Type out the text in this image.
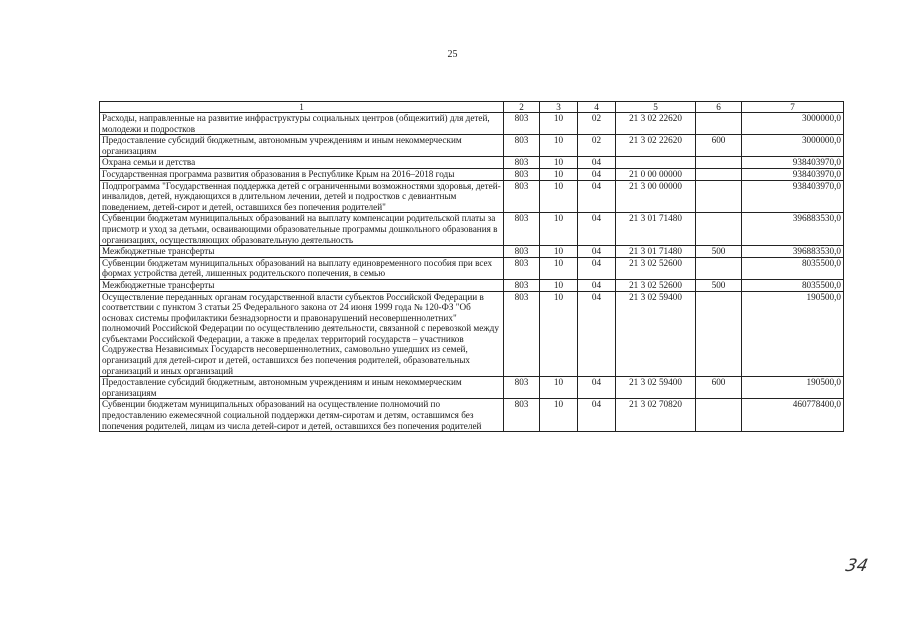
25
1	2	3	4	5	6	7
Расходы, направленные на развитие инфраструктуры социальных центров (общежитий) для детей, молодежи и подростков	803	10	02	21 3 02 22620		3000000,0
Предоставление субсидий бюджетным, автономным учреждениям и иным некоммерческим организациям	803	10	02	21 3 02 22620	600	3000000,0
Охрана семьи и детства	803	10	04			938403970,0
Государственная программа развития образования в Республике Крым на 2016–2018 годы	803	10	04	21 0 00 00000		938403970,0
Подпрограмма "Государственная поддержка детей с ограниченными возможностями здоровья, детей-инвалидов, детей, нуждающихся в длительном лечении, детей и подростков с девиантным поведением, детей-сирот и детей, оставшихся без попечения родителей"	803	10	04	21 3 00 00000		938403970,0
Субвенции бюджетам муниципальных образований на выплату компенсации родительской платы за присмотр и уход за детьми, осваивающими образовательные программы дошкольного образования в организациях, осуществляющих образовательную деятельность	803	10	04	21 3 01 71480		396883530,0
Межбюджетные трансферты	803	10	04	21 3 01 71480	500	396883530,0
Субвенции бюджетам муниципальных образований на выплату единовременного пособия при всех формах устройства детей, лишенных родительского попечения, в семью	803	10	04	21 3 02 52600		8035500,0
Межбюджетные трансферты	803	10	04	21 3 02 52600	500	8035500,0
Осуществление переданных органам государственной власти субъектов Российской Федерации в соответствии с пунктом 3 статьи 25 Федерального закона от 24 июня 1999 года № 120-ФЗ "Об основах системы профилактики безнадзорности и правонарушений несовершеннолетних" полномочий Российской Федерации по осуществлению деятельности, связанной с перевозкой между субъектами Российской Федерации, а также в пределах территорий государств – участников Содружества Независимых Государств несовершеннолетних, самовольно ушедших из семей, организаций для детей-сирот и детей, оставшихся без попечения родителей, образовательных организаций и иных организаций	803	10	04	21 3 02 59400		190500,0
Предоставление субсидий бюджетным, автономным учреждениям и иным некоммерческим организациям	803	10	04	21 3 02 59400	600	190500,0
Субвенции бюджетам муниципальных образований на осуществление полномочий по предоставлению ежемесячной социальной поддержки детям-сиротам и детям, оставшимся без попечения родителей, лицам из числа детей-сирот и детей, оставшихся без попечения родителей	803	10	04	21 3 02 70820		460778400,0
34
